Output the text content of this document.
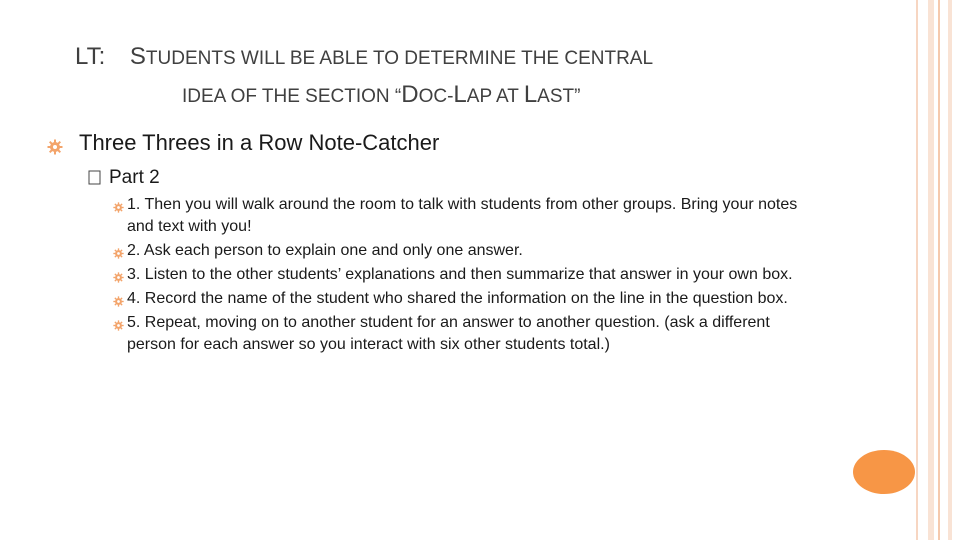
LT: STUDENTS WILL BE ABLE TO DETERMINE THE CENTRAL
IDEA OF THE SECTION “DOC-LAP AT LAST”
Three Threes in a Row Note-Catcher
Part 2
1. Then you will walk around the room to talk with students from other groups. Bring your notes and text with you!
2. Ask each person to explain one and only one answer.
3. Listen to the other students’ explanations and then summarize that answer in your own box.
4. Record the name of the student who shared the information on the line in the question box.
5. Repeat, moving on to another student for an answer to another question. (ask a different person for each answer so you interact with six other students total.)
